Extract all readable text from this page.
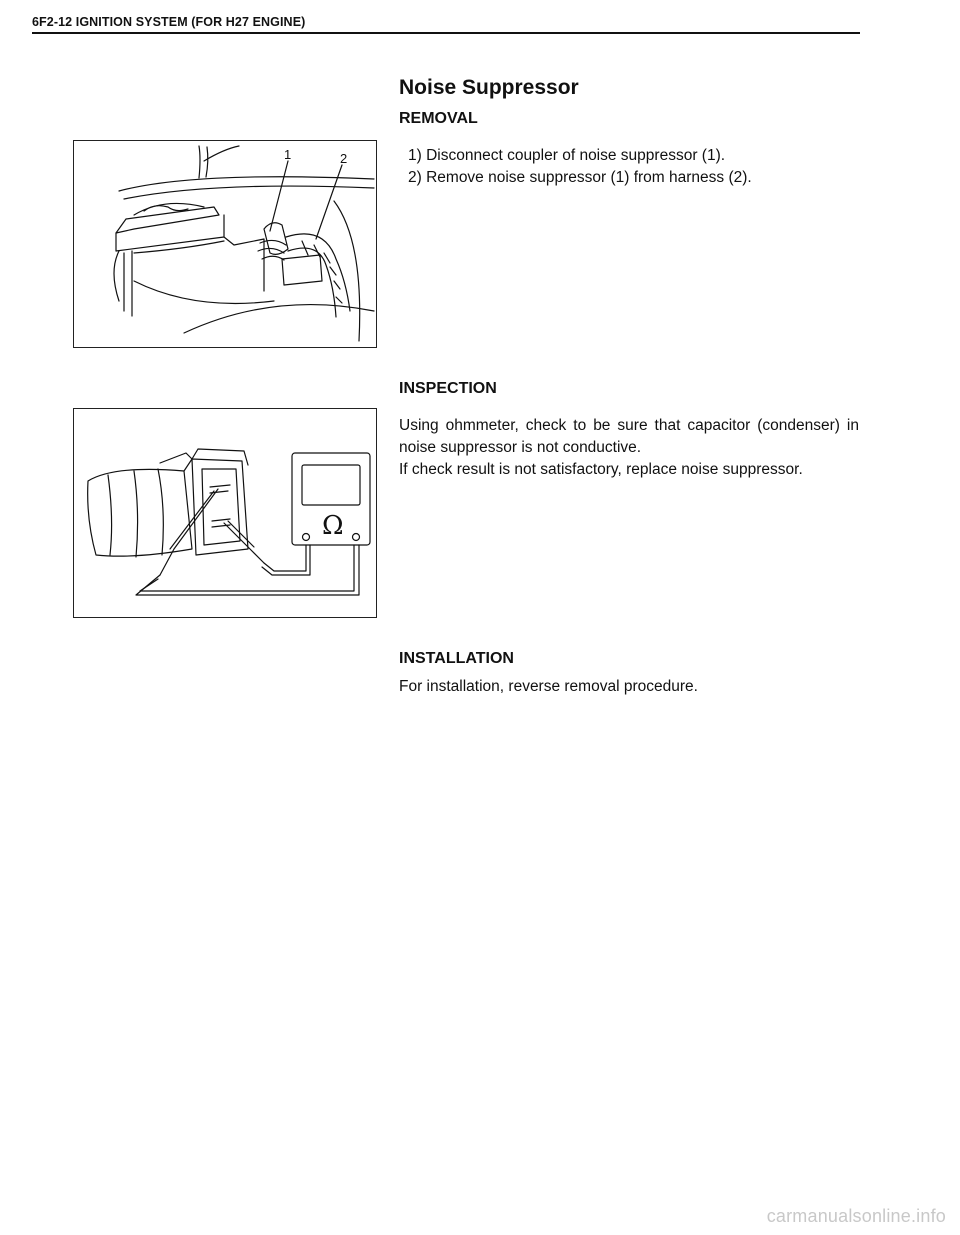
6F2-12 IGNITION SYSTEM (FOR H27 ENGINE)
Noise Suppressor
REMOVAL
1	2	1) Disconnect coupler of noise suppressor (1).
2) Remove noise suppressor (1) from harness (2).
INSPECTION
Ω
Using ohmmeter, check to be sure that capacitor (condenser) in
noise suppressor is not conductive.
If check result is not satisfactory, replace noise suppressor.
INSTALLATION
For installation, reverse removal procedure.
carmanualsonline.info
